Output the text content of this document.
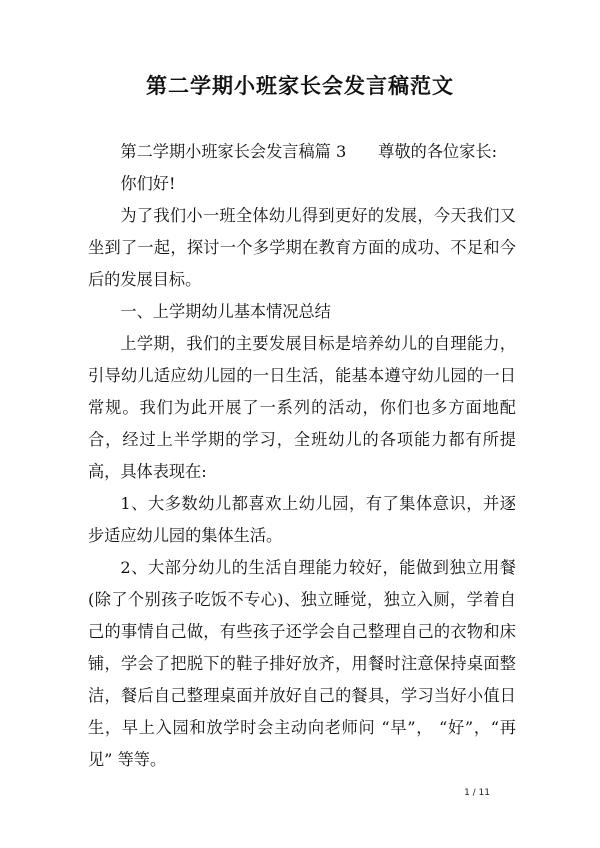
第二学期小班家长会发言稿范文

第二学期小班家长会发言稿篇 3 尊敬的各位家长:

你们好!

为了我们小一班全体幼儿得到更好的发展，今天我们又坐到了一起，探讨一个多学期在教育方面的成功、不足和今后的发展目标。

一、上学期幼儿基本情况总结

上学期，我们的主要发展目标是培养幼儿的自理能力，引导幼儿适应幼儿园的一日生活，能基本遵守幼儿园的一日常规。我们为此开展了一系列的活动，你们也多方面地配合，经过上半学期的学习，全班幼儿的各项能力都有所提高，具体表现在:

1、大多数幼儿都喜欢上幼儿园，有了集体意识，并逐步适应幼儿园的集体生活。

2、大部分幼儿的生活自理能力较好，能做到独立用餐(除了个别孩子吃饭不专心)、独立睡觉，独立入厕，学着自己的事情自己做，有些孩子还学会自己整理自己的衣物和床铺，学会了把脱下的鞋子排好放齐，用餐时注意保持桌面整洁，餐后自己整理桌面并放好自己的餐具，学习当好小值日生，早上入园和放学时会主动向老师问 “早”， “好”，“再见” 等等。

1 / 11
